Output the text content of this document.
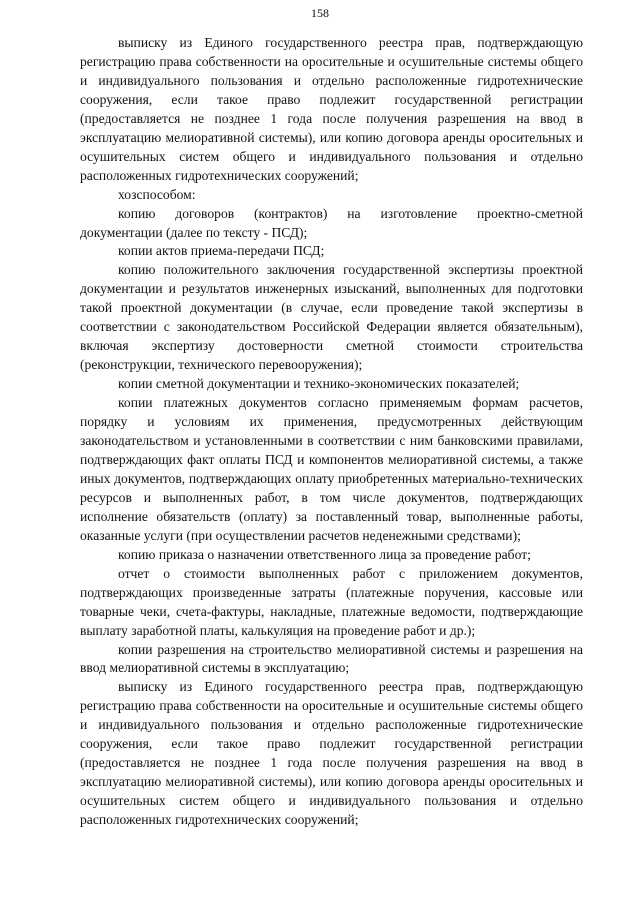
158

выписку из Единого государственного реестра прав, подтверждающую регистрацию права собственности на оросительные и осушительные системы общего и индивидуального пользования и отдельно расположенные гидротехнические сооружения, если такое право подлежит государственной регистрации (предоставляется не позднее 1 года после получения разрешения на ввод в эксплуатацию мелиоративной системы), или копию договора аренды оросительных и осушительных систем общего и индивидуального пользования и отдельно расположенных гидротехнических сооружений;

хозспособом:

копию договоров (контрактов) на изготовление проектно-сметной документации (далее по тексту - ПСД);

копии актов приема-передачи ПСД;

копию положительного заключения государственной экспертизы проектной документации и результатов инженерных изысканий, выполненных для подготовки такой проектной документации (в случае, если проведение такой экспертизы в соответствии с законодательством Российской Федерации является обязательным), включая экспертизу достоверности сметной стоимости строительства (реконструкции, технического перевооружения);

копии сметной документации и технико-экономических показателей;

копии платежных документов согласно применяемым формам расчетов, порядку и условиям их применения, предусмотренных действующим законодательством и установленными в соответствии с ним банковскими правилами, подтверждающих факт оплаты ПСД и компонентов мелиоративной системы, а также иных документов, подтверждающих оплату приобретенных материально-технических ресурсов и выполненных работ, в том числе документов, подтверждающих исполнение обязательств (оплату) за поставленный товар, выполненные работы, оказанные услуги (при осуществлении расчетов неденежными средствами);

копию приказа о назначении ответственного лица за проведение работ;

отчет о стоимости выполненных работ с приложением документов, подтверждающих произведенные затраты (платежные поручения, кассовые или товарные чеки, счета-фактуры, накладные, платежные ведомости, подтверждающие выплату заработной платы, калькуляция на проведение работ и др.);

копии разрешения на строительство мелиоративной системы и разрешения на ввод мелиоративной системы в эксплуатацию;

выписку из Единого государственного реестра прав, подтверждающую регистрацию права собственности на оросительные и осушительные системы общего и индивидуального пользования и отдельно расположенные гидротехнические сооружения, если такое право подлежит государственной регистрации (предоставляется не позднее 1 года после получения разрешения на ввод в эксплуатацию мелиоративной системы), или копию договора аренды оросительных и осушительных систем общего и индивидуального пользования и отдельно расположенных гидротехнических сооружений;
